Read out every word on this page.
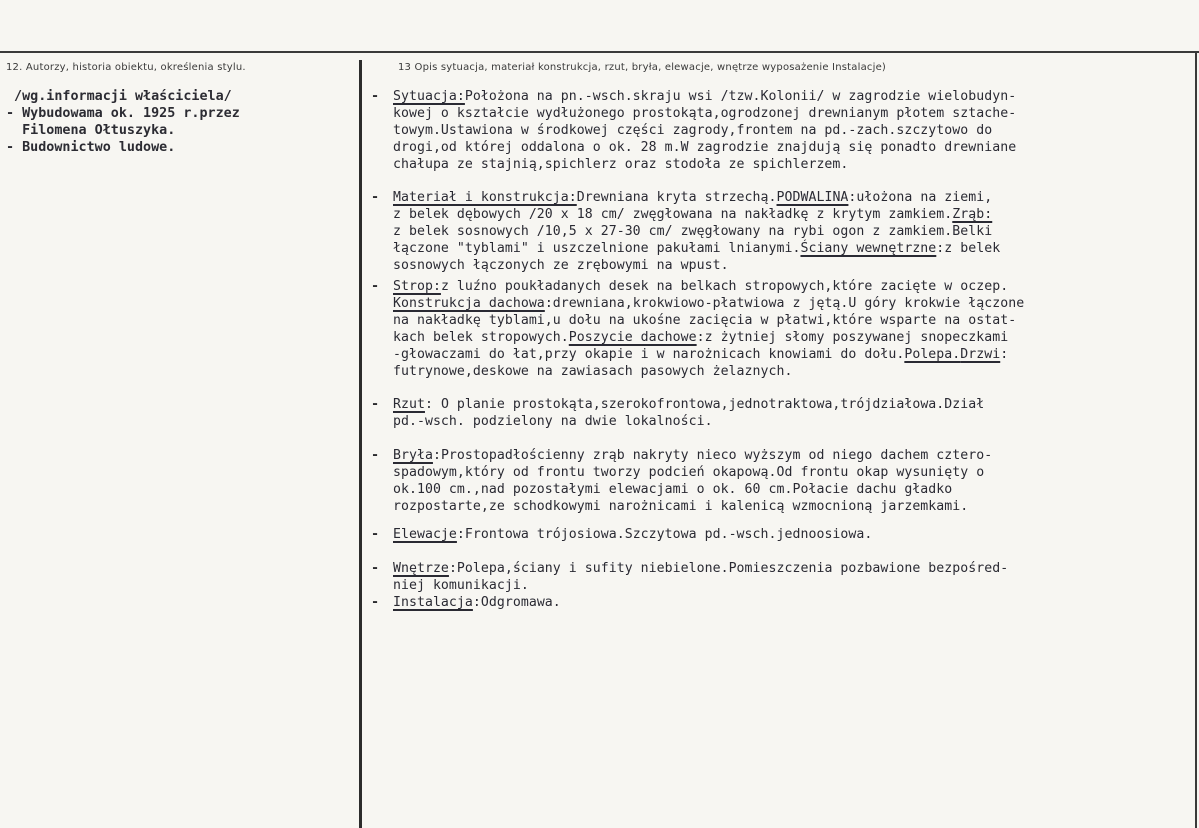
12. Autorzy, historia obiektu, określenia stylu.	13 Opis sytuacja, materiał konstrukcja, rzut, bryła, elewacje, wnętrze wyposażenie Instalacje)
/wg.informacji właściciela/
- Wybudowama ok. 1925 r.przez
Filomena Ołtuszyka.
- Budownictwo ludowe.
- Sytuacja:Położona na pn.-wsch.skraju wsi /tzw.Kolonii/ w zagrodzie wielobudyn-
kowej o kształcie wydłużonego prostokąta,ogrodzonej drewnianym płotem sztache-
towym.Ustawiona w środkowej części zagrody,frontem na pd.-zach.szczytowo do
drogi,od której oddalona o ok. 28 m.W zagrodzie znajdują się ponadto drewniane
chałupa ze stajnią,spichlerz oraz stodoła ze spichlerzem.
- Materiał i konstrukcja:Drewniana kryta strzechą.PODWALINA:ułożona na ziemi,
z belek dębowych /20 x 18 cm/ zwęgłowana na nakładkę z krytym zamkiem.Zrąb:
z belek sosnowych /10,5 x 27-30 cm/ zwęgłowany na rybi ogon z zamkiem.Belki
łączone "tyblami" i uszczelnione pakułami lnianymi.Ściany wewnętrzne:z belek
sosnowych łączonych ze zrębowymi na wpust.
- Strop:z luźno poukładanych desek na belkach stropowych,które zacięte w oczep.
Konstrukcja dachowa:drewniana,krokwiowo-płatwiowa z jętą.U góry krokwie łączone
na nakładkę tyblami,u dołu na ukośne zacięcia w płatwi,które wsparte na ostat-
kach belek stropowych.Poszycie dachowe:z żytniej słomy poszywanej snopeczkami
-głowaczami do łat,przy okapie i w narożnicach knowiami do dołu.Polepa.Drzwi:
futrynowe,deskowe na zawiasach pasowych żelaznych.
- Rzut: O planie prostokąta,szerokofrontowa,jednotraktowa,trójdziałowa.Dział
pd.-wsch. podzielony na dwie lokalności.
- Bryła:Prostopadłościenny zrąb nakryty nieco wyższym od niego dachem cztero-
spadowym,który od frontu tworzy podcień okapową.Od frontu okap wysunięty o
ok.100 cm.,nad pozostałymi elewacjami o ok. 60 cm.Połacie dachu gładko
rozpostarte,ze schodkowymi narożnicami i kalenicą wzmocnioną jarzemkami.
- Elewacje:Frontowa trójosiowa.Szczytowa pd.-wsch.jednoosiowa.
- Wnętrze:Polepa,ściany i sufity niebielone.Pomieszczenia pozbawione bezpośred-
niej komunikacji.
- Instalacja:Odgromawa.
